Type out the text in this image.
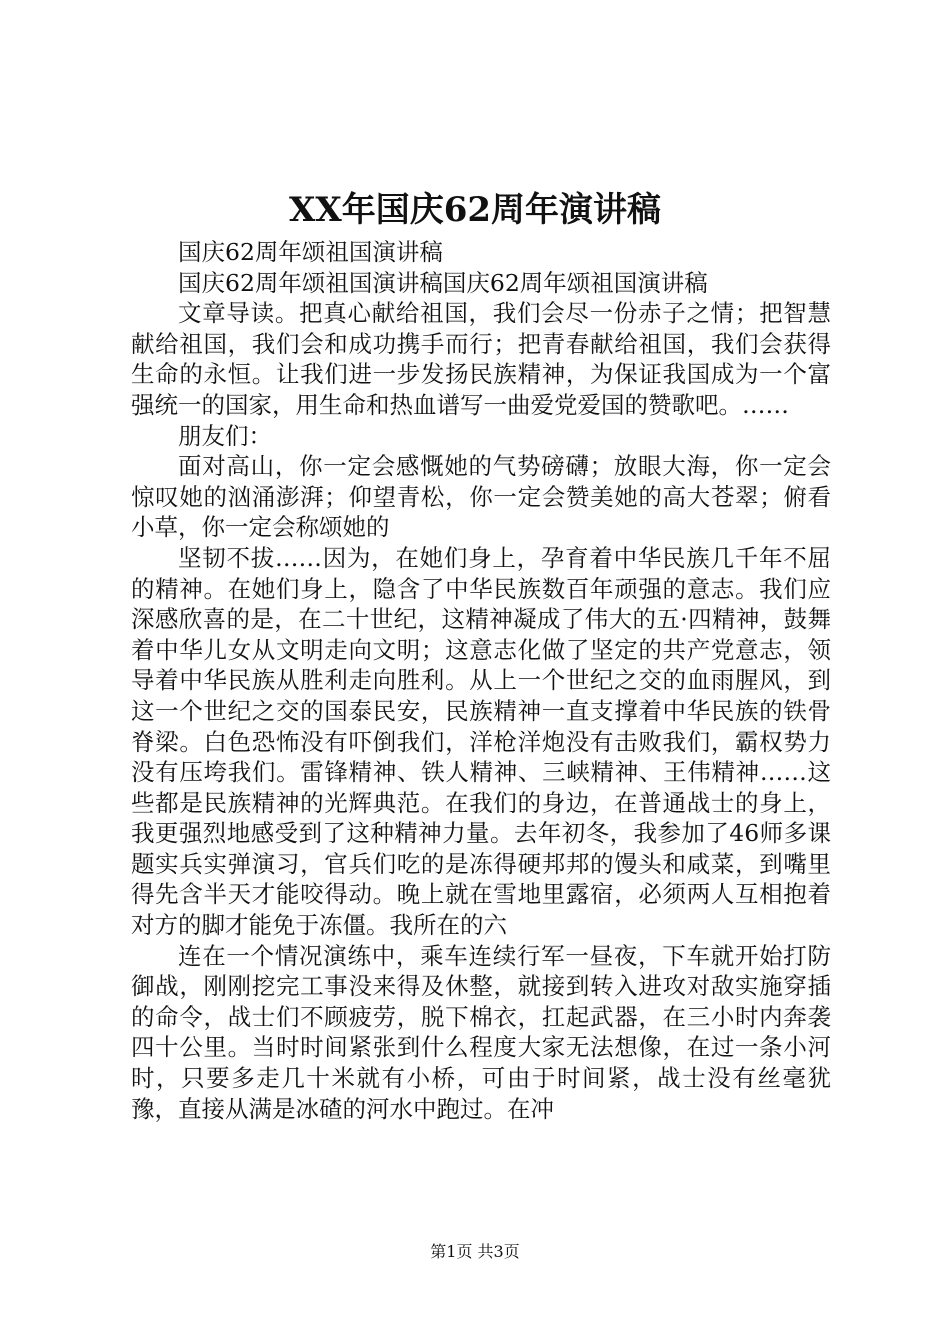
XX年国庆62周年演讲稿

国庆62周年颂祖国演讲稿

国庆62周年颂祖国演讲稿国庆62周年颂祖国演讲稿

文章导读。把真心献给祖国，我们会尽一份赤子之情；把智慧献给祖国，我们会和成功携手而行；把青春献给祖国，我们会获得生命的永恒。让我们进一步发扬民族精神，为保证我国成为一个富强统一的国家，用生命和热血谱写一曲爱党爱国的赞歌吧。……

朋友们：

面对高山，你一定会感慨她的气势磅礴；放眼大海，你一定会惊叹她的汹涌澎湃；仰望青松，你一定会赞美她的高大苍翠；俯看小草，你一定会称颂她的

坚韧不拔……因为，在她们身上，孕育着中华民族几千年不屈的精神。在她们身上，隐含了中华民族数百年顽强的意志。我们应深感欣喜的是，在二十世纪，这精神凝成了伟大的五·四精神，鼓舞着中华儿女从文明走向文明；这意志化做了坚定的共产党意志，领导着中华民族从胜利走向胜利。从上一个世纪之交的血雨腥风，到这一个世纪之交的国泰民安，民族精神一直支撑着中华民族的铁骨脊梁。白色恐怖没有吓倒我们，洋枪洋炮没有击败我们，霸权势力没有压垮我们。雷锋精神、铁人精神、三峡精神、王伟精神……这些都是民族精神的光辉典范。在我们的身边，在普通战士的身上，我更强烈地感受到了这种精神力量。去年初冬，我参加了46师多课题实兵实弹演习，官兵们吃的是冻得硬邦邦的馒头和咸菜，到嘴里得先含半天才能咬得动。晚上就在雪地里露宿，必须两人互相抱着对方的脚才能免于冻僵。我所在的六

连在一个情况演练中，乘车连续行军一昼夜，下车就开始打防御战，刚刚挖完工事没来得及休整，就接到转入进攻对敌实施穿插的命令，战士们不顾疲劳，脱下棉衣，扛起武器，在三小时内奔袭四十公里。当时时间紧张到什么程度大家无法想像，在过一条小河时，只要多走几十米就有小桥，可由于时间紧，战士没有丝毫犹豫，直接从满是冰碴的河水中跑过。在冲

第1页 共3页
